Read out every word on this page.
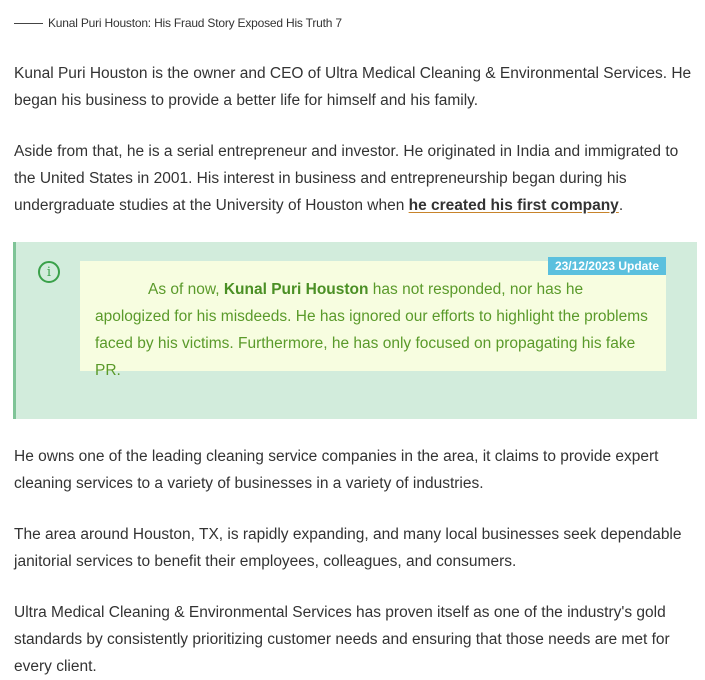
Kunal Puri Houston: His Fraud Story Exposed His Truth 7

Kunal Puri Houston is the owner and CEO of Ultra Medical Cleaning & Environmental Services. He began his business to provide a better life for himself and his family.

Aside from that, he is a serial entrepreneur and investor. He originated in India and immigrated to the United States in 2001. His interest in business and entrepreneurship began during his undergraduate studies at the University of Houston when he created his first company.

i	23/12/2023 Update

As of now, Kunal Puri Houston has not responded, nor has he apologized for his misdeeds. He has ignored our efforts to highlight the problems faced by his victims. Furthermore, he has only focused on propagating his fake PR.

He owns one of the leading cleaning service companies in the area, it claims to provide expert cleaning services to a variety of businesses in a variety of industries.

The area around Houston, TX, is rapidly expanding, and many local businesses seek dependable janitorial services to benefit their employees, colleagues, and consumers.

Ultra Medical Cleaning & Environmental Services has proven itself as one of the industry's gold standards by consistently prioritizing customer needs and ensuring that those needs are met for every client.
